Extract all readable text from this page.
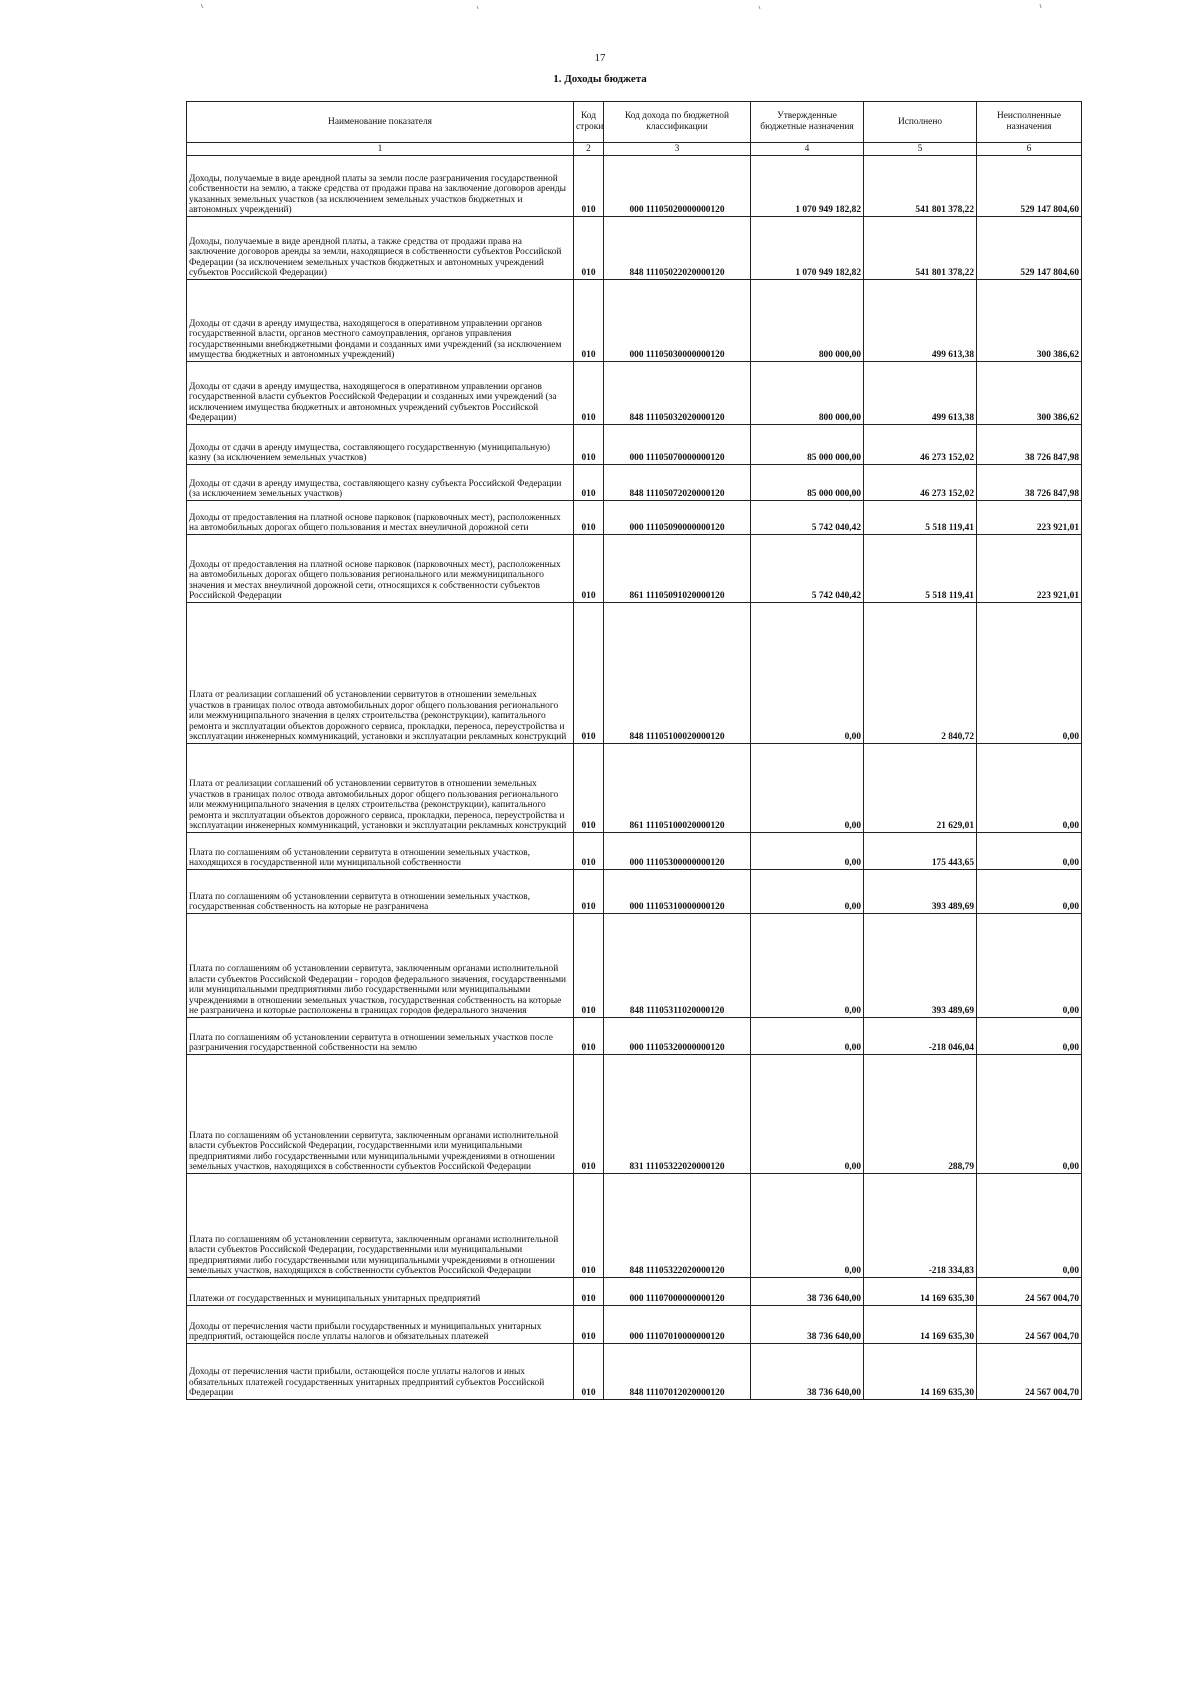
17
1. Доходы бюджета
Наименование показателя	Код строки	Код дохода по бюджетной классификации	Утвержденные бюджетные назначения	Исполнено	Неисполненные назначения
1	2	3	4	5	6
Доходы, получаемые в виде арендной платы за земли после разграничения государственной собственности на землю, а также средства от продажи права на заключение договоров аренды указанных земельных участков (за исключением земельных участков бюджетных и автономных учреждений)	010	000 11105020000000120	1 070 949 182,82	541 801 378,22	529 147 804,60
Доходы, получаемые в виде арендной платы, а также средства от продажи права на заключение договоров аренды за земли, находящиеся в собственности субъектов Российской Федерации (за исключением земельных участков бюджетных и автономных учреждений субъектов Российской Федерации)	010	848 11105022020000120	1 070 949 182,82	541 801 378,22	529 147 804,60
Доходы от сдачи в аренду имущества, находящегося в оперативном управлении органов государственной власти, органов местного самоуправления, органов управления государственными внебюджетными фондами и созданных ими учреждений (за исключением имущества бюджетных и автономных учреждений)	010	000 11105030000000120	800 000,00	499 613,38	300 386,62
Доходы от сдачи в аренду имущества, находящегося в оперативном управлении органов государственной власти субъектов Российской Федерации и созданных ими учреждений (за исключением имущества бюджетных и автономных учреждений субъектов Российской Федерации)	010	848 11105032020000120	800 000,00	499 613,38	300 386,62
Доходы от сдачи в аренду имущества, составляющего государственную (муниципальную) казну (за исключением земельных участков)	010	000 11105070000000120	85 000 000,00	46 273 152,02	38 726 847,98
Доходы от сдачи в аренду имущества, составляющего казну субъекта Российской Федерации (за исключением земельных участков)	010	848 11105072020000120	85 000 000,00	46 273 152,02	38 726 847,98
Доходы от предоставления на платной основе парковок (парковочных мест), расположенных на автомобильных дорогах общего пользования и местах внеуличной дорожной сети	010	000 11105090000000120	5 742 040,42	5 518 119,41	223 921,01
Доходы от предоставления на платной основе парковок (парковочных мест), расположенных на автомобильных дорогах общего пользования регионального или межмуниципального значения и местах внеуличной дорожной сети, относящихся к собственности субъектов Российской Федерации	010	861 11105091020000120	5 742 040,42	5 518 119,41	223 921,01
Плата от реализации соглашений об установлении сервитутов в отношении земельных участков в границах полос отвода автомобильных дорог общего пользования регионального или межмуниципального значения в целях строительства (реконструкции), капитального ремонта и эксплуатации объектов дорожного сервиса, прокладки, переноса, переустройства и эксплуатации инженерных коммуникаций, установки и эксплуатации рекламных конструкций	010	848 11105100020000120	0,00	2 840,72	0,00
Плата от реализации соглашений об установлении сервитутов в отношении земельных участков в границах полос отвода автомобильных дорог общего пользования регионального или межмуниципального значения в целях строительства (реконструкции), капитального ремонта и эксплуатации объектов дорожного сервиса, прокладки, переноса, переустройства и эксплуатации инженерных коммуникаций, установки и эксплуатации рекламных конструкций	010	861 11105100020000120	0,00	21 629,01	0,00
Плата по соглашениям об установлении сервитута в отношении земельных участков, находящихся в государственной или муниципальной собственности	010	000 11105300000000120	0,00	175 443,65	0,00
Плата по соглашениям об установлении сервитута в отношении земельных участков, государственная собственность на которые не разграничена	010	000 11105310000000120	0,00	393 489,69	0,00
Плата по соглашениям об установлении сервитута, заключенным органами исполнительной власти субъектов Российской Федерации - городов федерального значения, государственными или муниципальными предприятиями либо государственными или муниципальными учреждениями в отношении земельных участков, государственная собственность на которые не разграничена и которые расположены в границах городов федерального значения	010	848 11105311020000120	0,00	393 489,69	0,00
Плата по соглашениям об установлении сервитута в отношении земельных участков после разграничения государственной собственности на землю	010	000 11105320000000120	0,00	-218 046,04	0,00
Плата по соглашениям об установлении сервитута, заключенным органами исполнительной власти субъектов Российской Федерации, государственными или муниципальными предприятиями либо государственными или муниципальными учреждениями в отношении земельных участков, находящихся в собственности субъектов Российской Федерации	010	831 11105322020000120	0,00	288,79	0,00
Плата по соглашениям об установлении сервитута, заключенным органами исполнительной власти субъектов Российской Федерации, государственными или муниципальными предприятиями либо государственными или муниципальными учреждениями в отношении земельных участков, находящихся в собственности субъектов Российской Федерации	010	848 11105322020000120	0,00	-218 334,83	0,00
Платежи от государственных и муниципальных унитарных предприятий	010	000 11107000000000120	38 736 640,00	14 169 635,30	24 567 004,70
Доходы от перечисления части прибыли государственных и муниципальных унитарных предприятий, остающейся после уплаты налогов и обязательных платежей	010	000 11107010000000120	38 736 640,00	14 169 635,30	24 567 004,70
Доходы от перечисления части прибыли, остающейся после уплаты налогов и иных обязательных платежей государственных унитарных предприятий субъектов Российской Федерации	010	848 11107012020000120	38 736 640,00	14 169 635,30	24 567 004,70
